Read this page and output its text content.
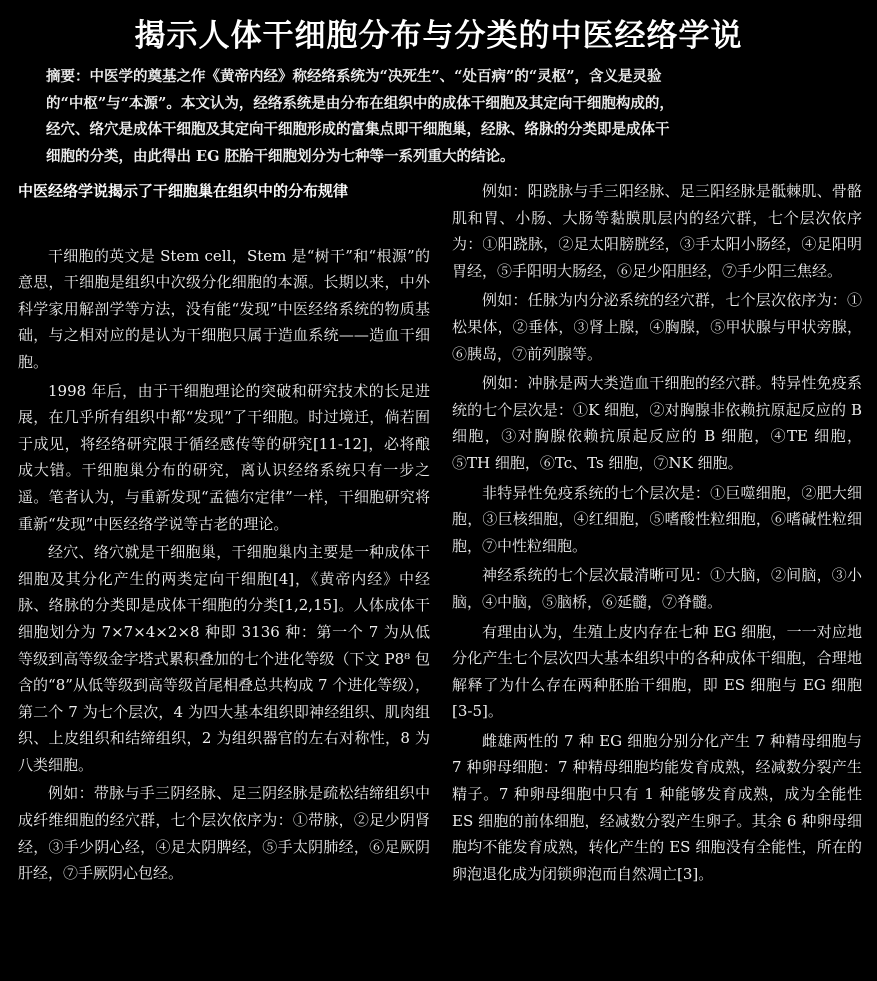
揭示人体干细胞分布与分类的中医经络学说

摘要：中医学的奠基之作《黄帝内经》称经络系统为“决死生”、“处百病”的“灵枢”，含义是灵验

的“中枢”与“本源”。本文认为，经络系统是由分布在组织中的成体干细胞及其定向干细胞构成的，

经穴、络穴是成体干细胞及其定向干细胞形成的富集点即干细胞巢，经脉、络脉的分类即是成体干

细胞的分类，由此得出 EG 胚胎干细胞划分为七种等一系列重大的结论。

中医经络学说揭示了干细胞巢在组织中的分布规律

干细胞的英文是 Stem cell，Stem 是“树干”和“根源”的意思，干细胞是组织中次级分化细胞的本源。长期以来，中外科学家用解剖学等方法，没有能“发现”中医经络系统的物质基础，与之相对应的是认为干细胞只属于造血系统——造血干细胞。

1998 年后，由于干细胞理论的突破和研究技术的长足进展，在几乎所有组织中都“发现”了干细胞。时过境迁，倘若囿于成见，将经络研究限于循经感传等的研究[11-12]，必将酿成大错。干细胞巢分布的研究，离认识经络系统只有一步之遥。笔者认为，与重新发现“孟德尔定律”一样，干细胞研究将重新“发现”中医经络学说等古老的理论。

经穴、络穴就是干细胞巢，干细胞巢内主要是一种成体干细胞及其分化产生的两类定向干细胞[4]，《黄帝内经》中经脉、络脉的分类即是成体干细胞的分类[1,2,15]。人体成体干细胞划分为 7×7×4×2×8 种即 3136 种：第一个 7 为从低等级到高等级金字塔式累积叠加的七个进化等级（下文 P8⁸ 包含的“8”从低等级到高等级首尾相叠总共构成 7 个进化等级），第二个 7 为七个层次，4 为四大基本组织即神经组织、肌肉组织、上皮组织和结缔组织，2 为组织器官的左右对称性，8 为八类细胞。

例如：带脉与手三阴经脉、足三阴经脉是疏松结缔组织中成纤维细胞的经穴群，七个层次依序为：①带脉，②足少阴肾经，③手少阴心经，④足太阴脾经，⑤手太阴肺经，⑥足厥阴肝经，⑦手厥阴心包经。

例如：阳跷脉与手三阳经脉、足三阳经脉是骶棘肌、骨骼肌和胃、小肠、大肠等黏膜肌层内的经穴群，七个层次依序为：①阳跷脉，②足太阳膀胱经，③手太阳小肠经，④足阳明胃经，⑤手阳明大肠经，⑥足少阳胆经，⑦手少阳三焦经。

例如：任脉为内分泌系统的经穴群，七个层次依序为：①松果体，②垂体，③肾上腺，④胸腺，⑤甲状腺与甲状旁腺，⑥胰岛，⑦前列腺等。

例如：冲脉是两大类造血干细胞的经穴群。特异性免疫系统的七个层次是：①K 细胞，②对胸腺非依赖抗原起反应的 B 细胞，③对胸腺依赖抗原起反应的 B 细胞，④TE 细胞，⑤TH 细胞，⑥Tc、Ts 细胞，⑦NK 细胞。

非特异性免疫系统的七个层次是：①巨噬细胞，②肥大细胞，③巨核细胞，④红细胞，⑤嗜酸性粒细胞，⑥嗜碱性粒细胞，⑦中性粒细胞。

神经系统的七个层次最清晰可见：①大脑，②间脑，③小脑，④中脑，⑤脑桥，⑥延髓，⑦脊髓。

有理由认为，生殖上皮内存在七种 EG 细胞，一一对应地分化产生七个层次四大基本组织中的各种成体干细胞，合理地解释了为什么存在两种胚胎干细胞，即 ES 细胞与 EG 细胞[3-5]。

雌雄两性的 7 种 EG 细胞分别分化产生 7 种精母细胞与 7 种卵母细胞：7 种精母细胞均能发育成熟，经减数分裂产生精子。7 种卵母细胞中只有 1 种能够发育成熟，成为全能性 ES 细胞的前体细胞，经减数分裂产生卵子。其余 6 种卵母细胞均不能发育成熟，转化产生的 ES 细胞没有全能性，所在的卵泡退化成为闭锁卵泡而自然凋亡[3]。
